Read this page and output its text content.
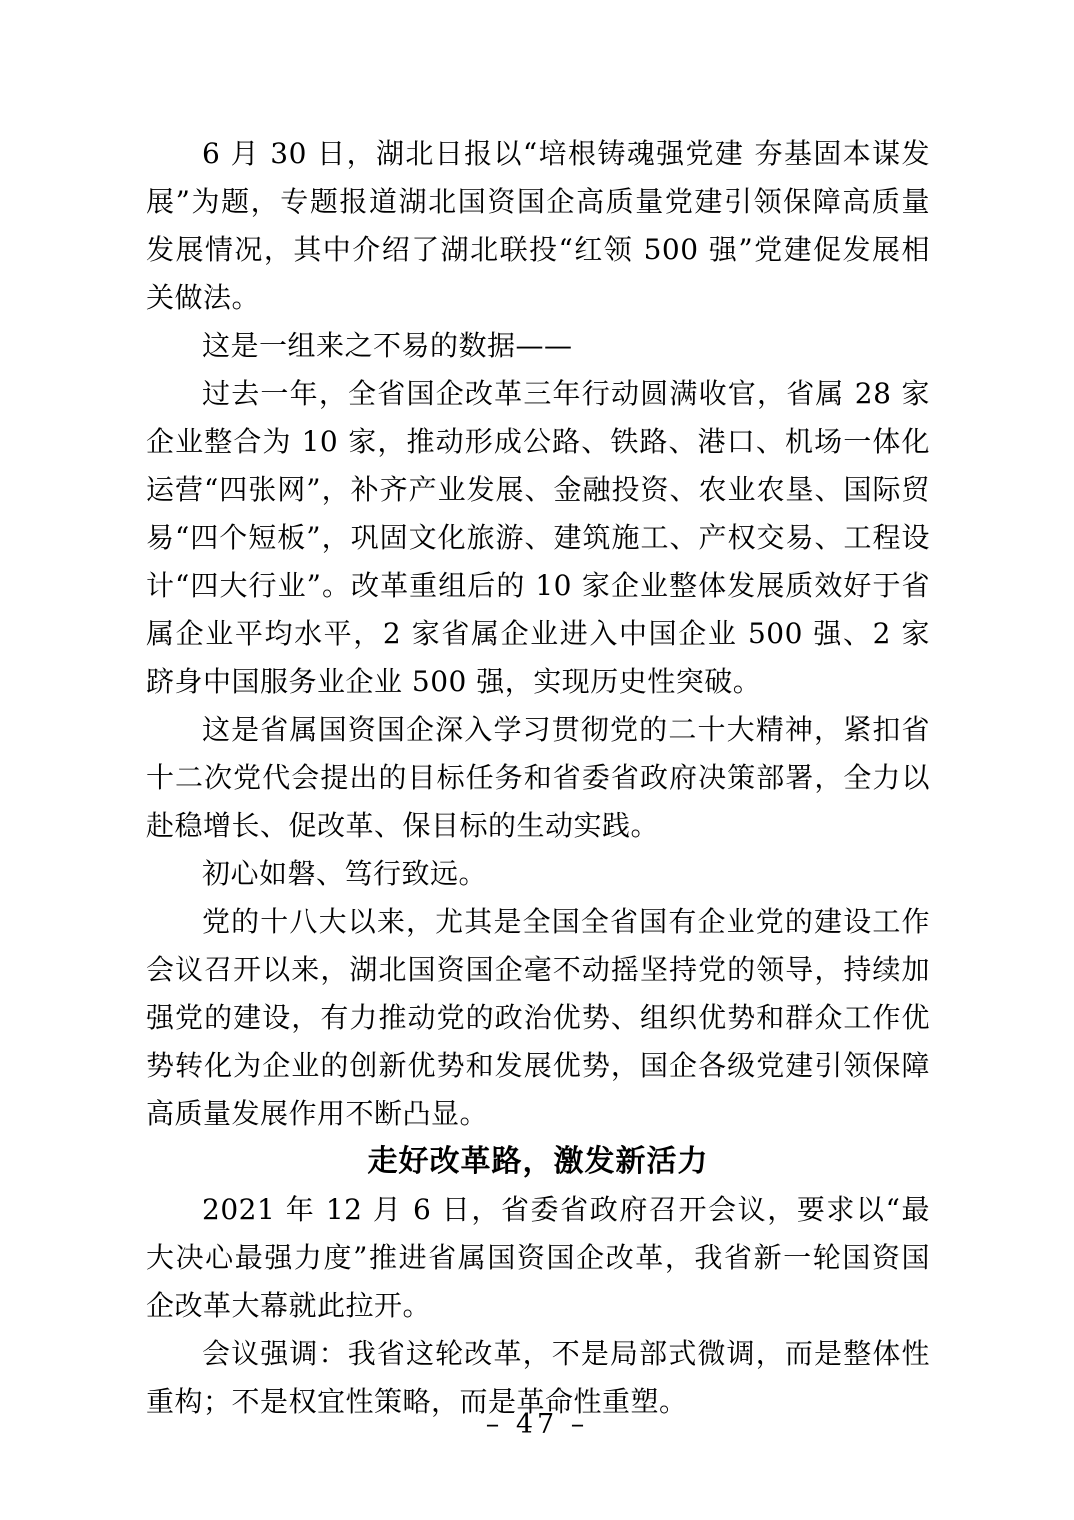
6 月 30 日，湖北日报以“培根铸魂强党建 夯基固本谋发展”为题，专题报道湖北国资国企高质量党建引领保障高质量发展情况，其中介绍了湖北联投“红领 500 强”党建促发展相关做法。

这是一组来之不易的数据——

过去一年，全省国企改革三年行动圆满收官，省属 28 家企业整合为 10 家，推动形成公路、铁路、港口、机场一体化运营“四张网”，补齐产业发展、金融投资、农业农垦、国际贸易“四个短板”，巩固文化旅游、建筑施工、产权交易、工程设计“四大行业”。改革重组后的 10 家企业整体发展质效好于省属企业平均水平，2 家省属企业进入中国企业 500 强、2 家跻身中国服务业企业 500 强，实现历史性突破。

这是省属国资国企深入学习贯彻党的二十大精神，紧扣省十二次党代会提出的目标任务和省委省政府决策部署，全力以赴稳增长、促改革、保目标的生动实践。

初心如磐、笃行致远。

党的十八大以来，尤其是全国全省国有企业党的建设工作会议召开以来，湖北国资国企毫不动摇坚持党的领导，持续加强党的建设，有力推动党的政治优势、组织优势和群众工作优势转化为企业的创新优势和发展优势，国企各级党建引领保障高质量发展作用不断凸显。

走好改革路，激发新活力

2021 年 12 月 6 日，省委省政府召开会议，要求以“最大决心最强力度”推进省属国资国企改革，我省新一轮国资国企改革大幕就此拉开。

会议强调：我省这轮改革，不是局部式微调，而是整体性重构；不是权宜性策略，而是革命性重塑。

– 47 –
